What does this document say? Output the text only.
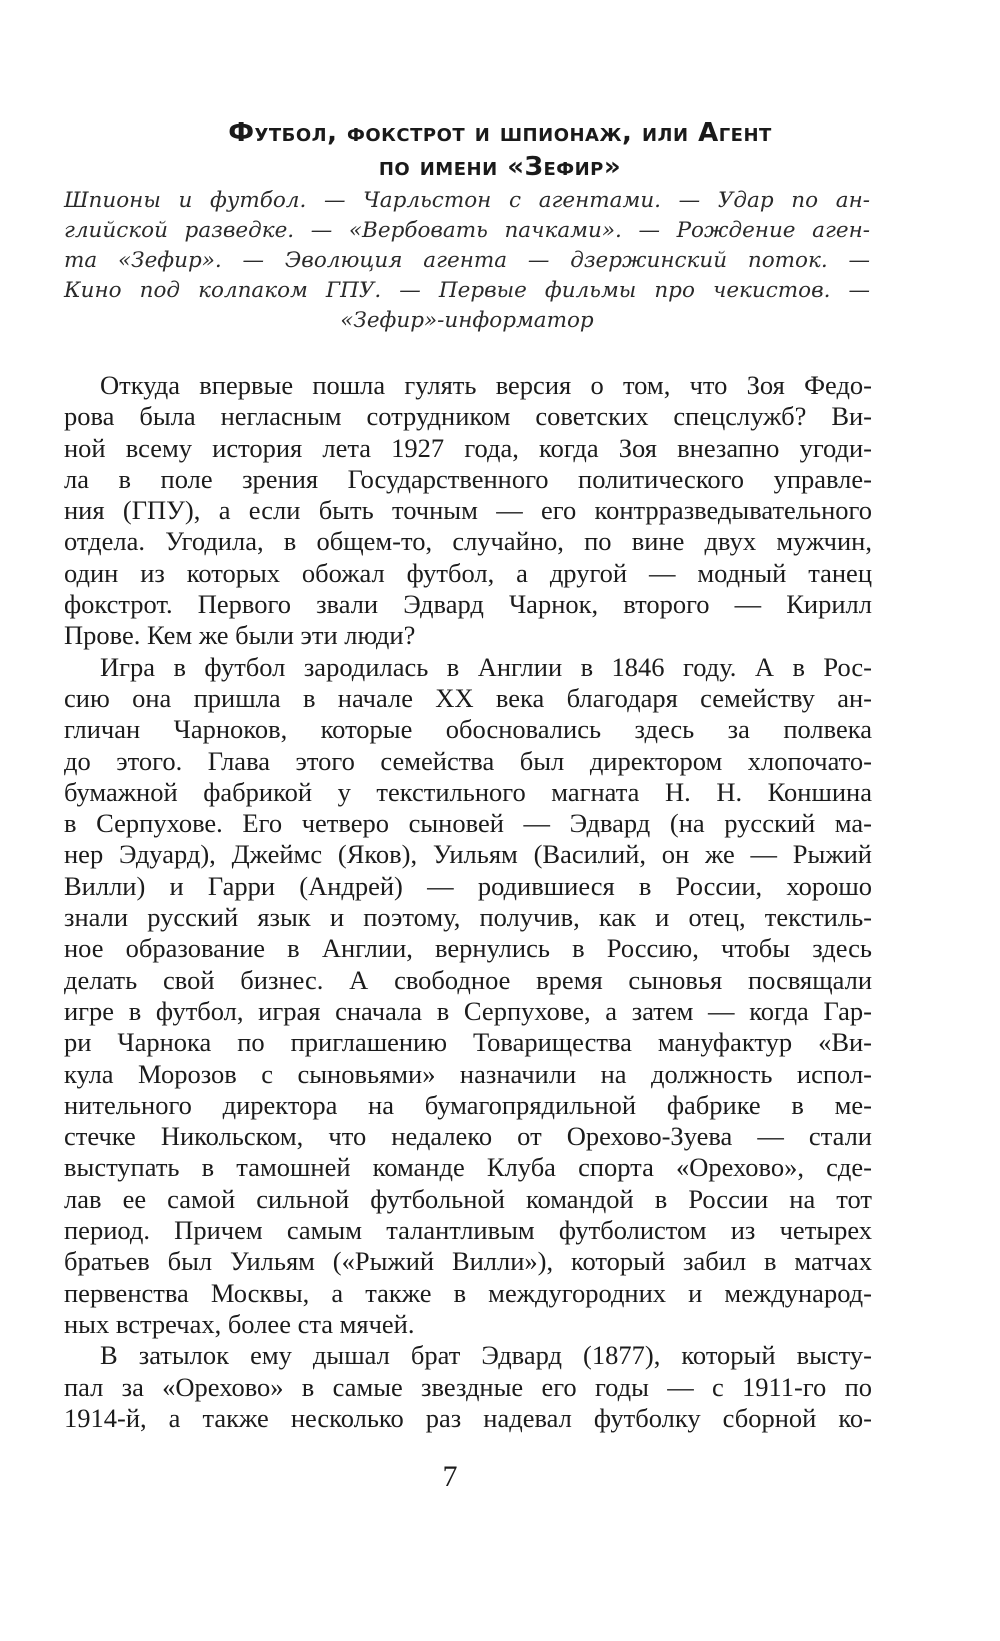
Футбол, фокстрот и шпионаж, или Агент
по имени «Зефир»
Шпионы и футбол. — Чарльстон с агентами. — Удар по ан-
глийской разведке. — «Вербовать пачками». — Рождение аген-
та «Зефир». — Эволюция агента — дзержинский поток. —
Кино под колпаком ГПУ. — Первые фильмы про чекистов. —
«Зефир»-информатор
Откуда впервые пошла гулять версия о том, что Зоя Федо-
рова была негласным сотрудником советских спецслужб? Ви-
ной всему история лета 1927 года, когда Зоя внезапно угоди-
ла в поле зрения Государственного политического управле-
ния (ГПУ), а если быть точным — его контрразведывательного
отдела. Угодила, в общем-то, случайно, по вине двух мужчин,
один из которых обожал футбол, а другой — модный танец
фокстрот. Первого звали Эдвард Чарнок, второго — Кирилл
Прове. Кем же были эти люди?
Игра в футбол зародилась в Англии в 1846 году. А в Рос-
сию она пришла в начале XX века благодаря семейству ан-
гличан Чарноков, которые обосновались здесь за полвека
до этого. Глава этого семейства был директором хлопочато-
бумажной фабрикой у текстильного магната Н. Н. Коншина
в Серпухове. Его четверо сыновей — Эдвард (на русский ма-
нер Эдуард), Джеймс (Яков), Уильям (Василий, он же — Рыжий
Вилли) и Гарри (Андрей) — родившиеся в России, хорошо
знали русский язык и поэтому, получив, как и отец, текстиль-
ное образование в Англии, вернулись в Россию, чтобы здесь
делать свой бизнес. А свободное время сыновья посвящали
игре в футбол, играя сначала в Серпухове, а затем — когда Гар-
ри Чарнока по приглашению Товарищества мануфактур «Ви-
кула Морозов с сыновьями» назначили на должность испол-
нительного директора на бумагопрядильной фабрике в ме-
стечке Никольском, что недалеко от Орехово-Зуева — стали
выступать в тамошней команде Клуба спорта «Орехово», сде-
лав ее самой сильной футбольной командой в России на тот
период. Причем самым талантливым футболистом из четырех
братьев был Уильям («Рыжий Вилли»), который забил в матчах
первенства Москвы, а также в междугородних и международ-
ных встречах, более ста мячей.
В затылок ему дышал брат Эдвард (1877), который высту-
пал за «Орехово» в самые звездные его годы — с 1911-го по
1914-й, а также несколько раз надевал футболку сборной ко-
7
